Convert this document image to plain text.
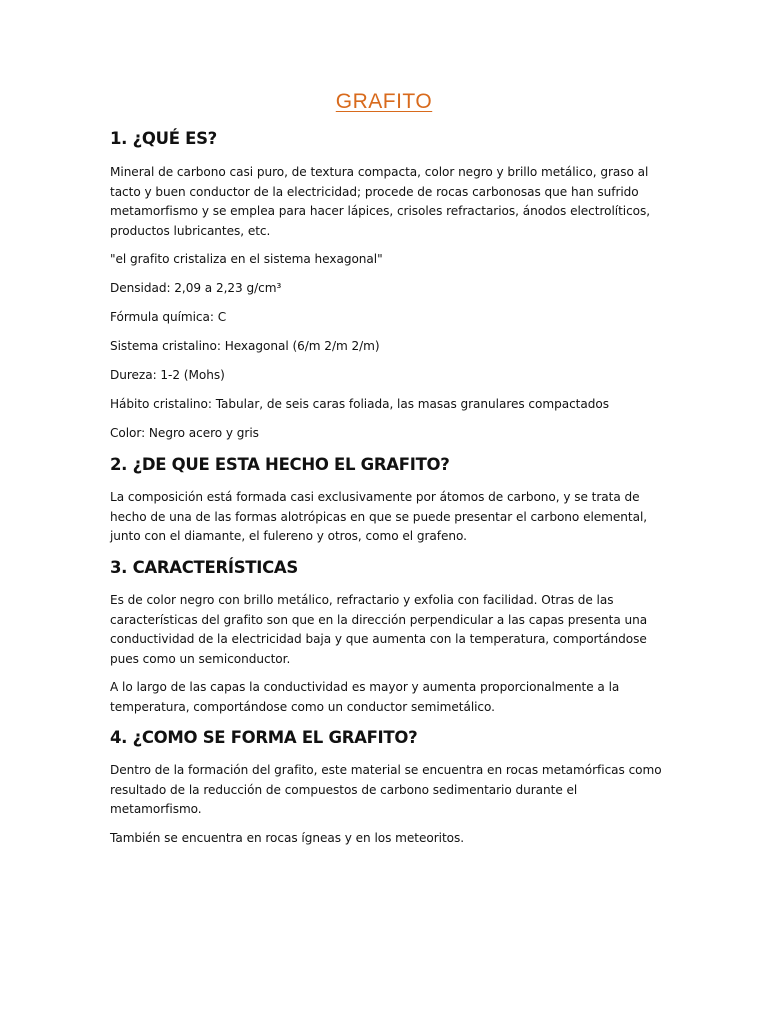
GRAFITO
1. ¿QUÉ ES?

Mineral de carbono casi puro, de textura compacta, color negro y brillo metálico, graso al tacto y buen conductor de la electricidad; procede de rocas carbonosas que han sufrido metamorfismo y se emplea para hacer lápices, crisoles refractarios, ánodos electrolíticos, productos lubricantes, etc.

"el grafito cristaliza en el sistema hexagonal"

Densidad: 2,09 a 2,23 g/cm³

Fórmula química: C

Sistema cristalino: Hexagonal (6/m 2/m 2/m)

Dureza: 1-2 (Mohs)

Hábito cristalino: Tabular, de seis caras foliada, las masas granulares compactados

Color: Negro acero y gris

2. ¿DE QUE ESTA HECHO EL GRAFITO?

La composición está formada casi exclusivamente por átomos de carbono, y se trata de hecho de una de las formas alotrópicas en que se puede presentar el carbono elemental, junto con el diamante, el fulereno y otros, como el grafeno.

3. CARACTERÍSTICAS

Es de color negro con brillo metálico, refractario y exfolia con facilidad. Otras de las características del grafito son que en la dirección perpendicular a las capas presenta una conductividad de la electricidad baja y que aumenta con la temperatura, comportándose pues como un semiconductor.

A lo largo de las capas la conductividad es mayor y aumenta proporcionalmente a la temperatura, comportándose como un conductor semimetálico.

4. ¿COMO SE FORMA EL GRAFITO?

Dentro de la formación del grafito, este material se encuentra en rocas metamórficas como resultado de la reducción de compuestos de carbono sedimentario durante el metamorfismo.

También se encuentra en rocas ígneas y en los meteoritos.
